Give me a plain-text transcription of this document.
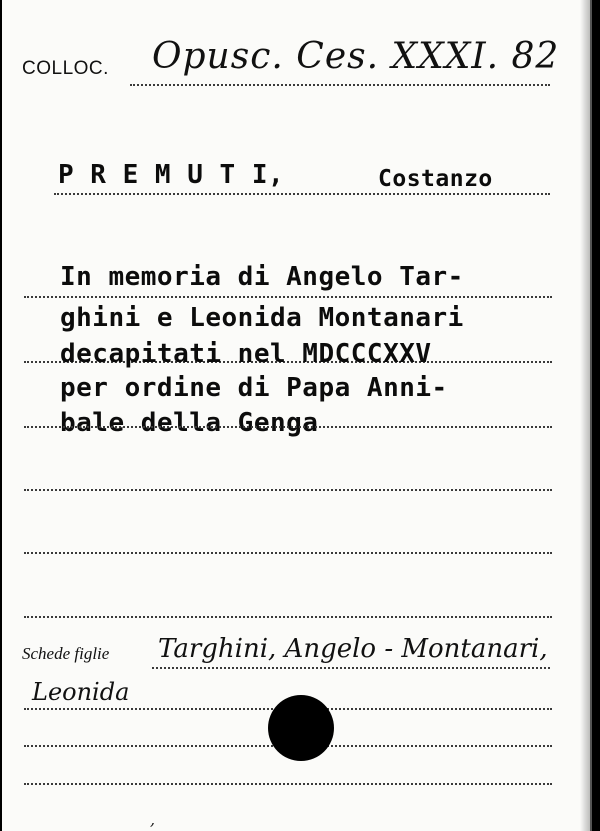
COLLOC. Opusc. Ces. XXXI. 82
P R E M U T I,	Costanzo
In memoria di Angelo Tar-
ghini e Leonida Montanari
decapitati nel MDCCCXXV
per ordine di Papa Anni-
bale della Genga
Schede figlie Targhini, Angelo - Montanari,
Leonida
,
